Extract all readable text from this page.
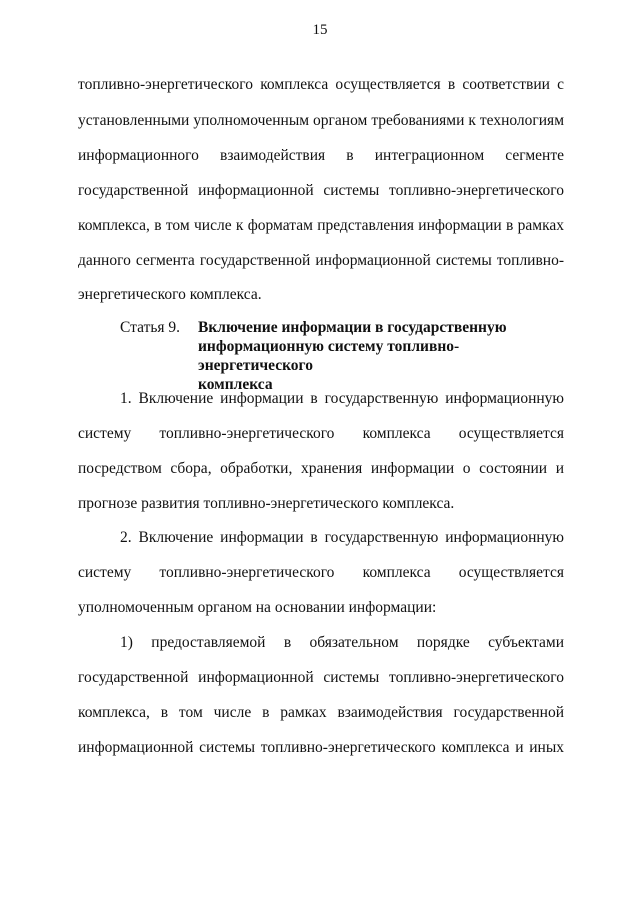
15
топливно-энергетического комплекса осуществляется в соответствии с
установленными уполномоченным органом требованиями к технологиям
информационного взаимодействия в интеграционном сегменте
государственной информационной системы топливно-энергетического
комплекса, в том числе к форматам представления информации в рамках
данного сегмента государственной информационной системы топливно-
энергетического комплекса.
Статья 9. Включение информации в государственную
информационную систему топливно-энергетического
комплекса
1. Включение информации в государственную информационную
систему топливно-энергетического комплекса осуществляется
посредством сбора, обработки, хранения информации о состоянии и
прогнозе развития топливно-энергетического комплекса.
2. Включение информации в государственную информационную
систему топливно-энергетического комплекса осуществляется
уполномоченным органом на основании информации:
1) предоставляемой в обязательном порядке субъектами
государственной информационной системы топливно-энергетического
комплекса, в том числе в рамках взаимодействия государственной
информационной системы топливно-энергетического комплекса и иных
